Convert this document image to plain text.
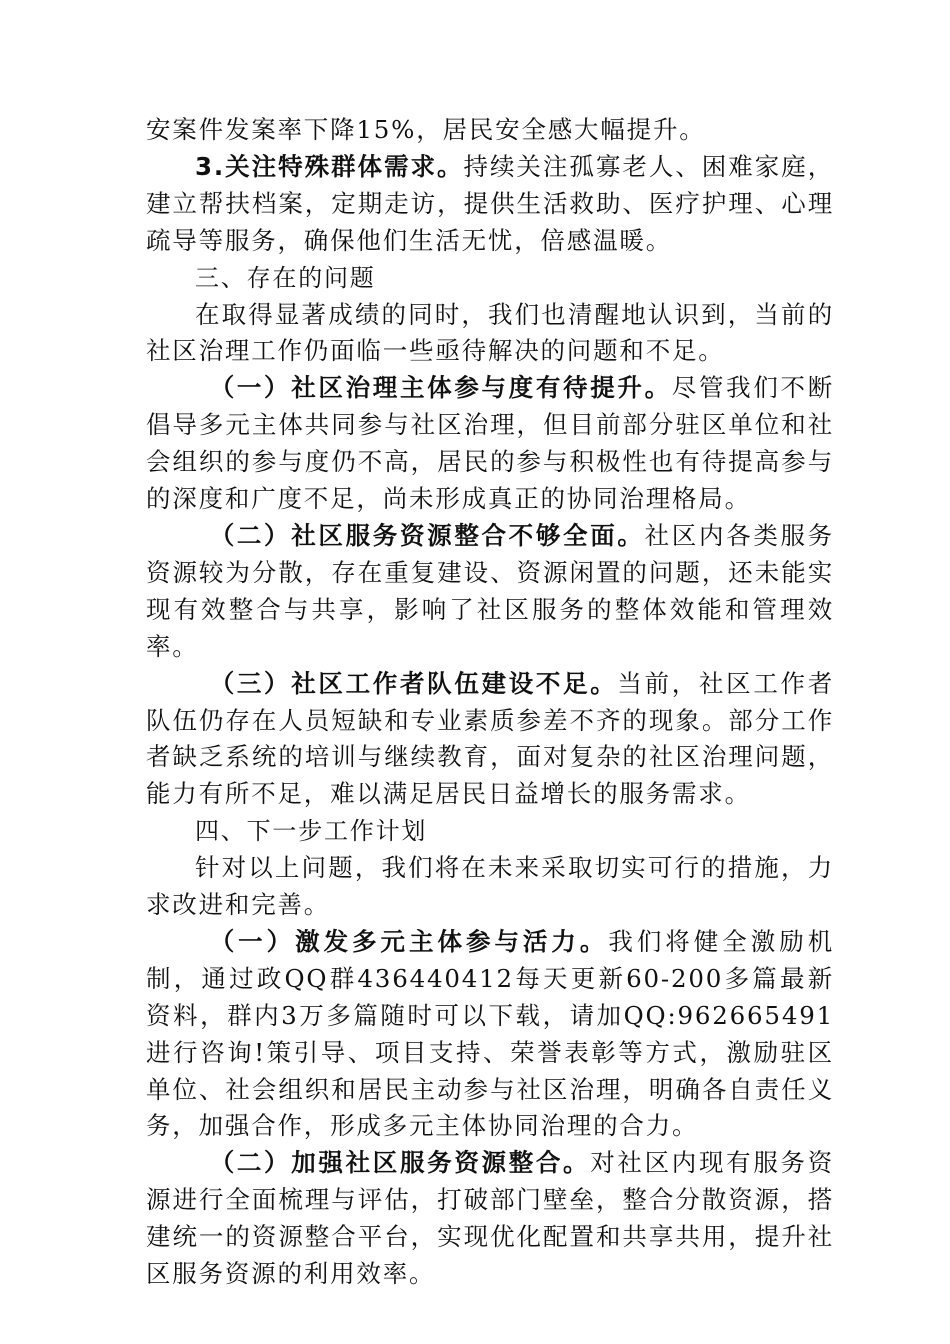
安案件发案率下降15%，居民安全感大幅提升。

3.关注特殊群体需求。持续关注孤寡老人、困难家庭，建立帮扶档案，定期走访，提供生活救助、医疗护理、心理疏导等服务，确保他们生活无忧，倍感温暖。

三、存在的问题

在取得显著成绩的同时，我们也清醒地认识到，当前的社区治理工作仍面临一些亟待解决的问题和不足。

（一）社区治理主体参与度有待提升。尽管我们不断倡导多元主体共同参与社区治理，但目前部分驻区单位和社会组织的参与度仍不高，居民的参与积极性也有待提高参与的深度和广度不足，尚未形成真正的协同治理格局。

（二）社区服务资源整合不够全面。社区内各类服务资源较为分散，存在重复建设、资源闲置的问题，还未能实现有效整合与共享，影响了社区服务的整体效能和管理效率。

（三）社区工作者队伍建设不足。当前，社区工作者队伍仍存在人员短缺和专业素质参差不齐的现象。部分工作者缺乏系统的培训与继续教育，面对复杂的社区治理问题，能力有所不足，难以满足居民日益增长的服务需求。

四、下一步工作计划

针对以上问题，我们将在未来采取切实可行的措施，力求改进和完善。

（一）激发多元主体参与活力。我们将健全激励机制，通过政QQ群436440412每天更新60-200多篇最新资料，群内3万多篇随时可以下载，请加QQ:962665491进行咨询!策引导、项目支持、荣誉表彰等方式，激励驻区单位、社会组织和居民主动参与社区治理，明确各自责任义务，加强合作，形成多元主体协同治理的合力。

（二）加强社区服务资源整合。对社区内现有服务资源进行全面梳理与评估，打破部门壁垒，整合分散资源，搭建统一的资源整合平台，实现优化配置和共享共用，提升社区服务资源的利用效率。
